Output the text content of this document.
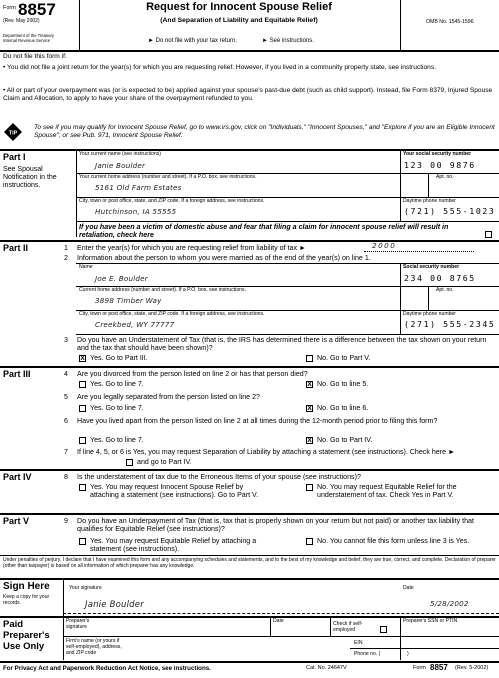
Form 8857
(Rev. May 2002)
Department of the Treasury
Internal Revenue Service
Request for Innocent Spouse Relief
(And Separation of Liability and Equitable Relief)
► Do not file with your tax return.	► See instructions.
OMB No. 1545-1596
Do not file this form if:
• You did not file a joint return for the year(s) for which you are requesting relief. However, if you lived in a community property state, see instructions.
• All or part of your overpayment was (or is expected to be) applied against your spouse's past-due debt (such as child support). Instead, file Form 8379, Injured Spouse Claim and Allocation, to apply to have your share of the overpayment refunded to you.
TIP
To see if you may qualify for Innocent Spouse Relief, go to www.irs.gov, click on "Individuals," "Innocent Spouses," and "Explore if you are an Eligible Innocent Spouse"; or see Pub. 971, Innocent Spouse Relief.
Part I
See Spousal Notification in the instructions.
Your current name (see instructions)
Janie Boulder
Your social security number
123 00 9876
Your current home address (number and street). If a P.O. box, see instructions.
5161 Old Farm Estates
Apt. no.
City, town or post office, state, and ZIP code. If a foreign address, see instructions.
Hutchinson, IA 55555
Daytime phone number
(721) 555-1023
If you have been a victim of domestic abuse and fear that filing a claim for innocent spouse relief will result in retaliation, check here
Part II	1 Enter the year(s) for which you are requesting relief from liability of tax ►	2000
2 Information about the person to whom you were married as of the end of the year(s) on line 1.
Name
Joe E. Boulder
Social security number
234 00 8765
Current home address (number and street). If a P.O. box, see instructions.
3898 Timber Way
Apt. no.
City, town or post office, state, and ZIP code. If a foreign address, see instructions.
Creekbed, WY 77777
Daytime phone number
(271) 555-2345
3 Do you have an Understatement of Tax (that is, the IRS has determined there is a difference between the tax shown on your return and the tax that should have been shown)?
X Yes. Go to Part III.	No. Go to Part V.
Part III	4 Are you divorced from the person listed on line 2 or has that person died?
Yes. Go to line 7.	X No. Go to line 5.
5 Are you legally separated from the person listed on line 2?
Yes. Go to line 7.	X No. Go to line 6.
6 Have you lived apart from the person listed on line 2 at all times during the 12-month period prior to filing this form?
Yes. Go to line 7.	X No. Go to Part IV.
7 If line 4, 5, or 6 is Yes, you may request Separation of Liability by attaching a statement (see instructions). Check here ►
and go to Part IV.
Part IV	8 Is the understatement of tax due to the Erroneous Items of your spouse (see instructions)?
Yes. You may request Innocent Spouse Relief by attaching a statement (see instructions). Go to Part V.
No. You may request Equitable Relief for the understatement of tax. Check Yes in Part V.
Part V	9 Do you have an Underpayment of Tax (that is, tax that is properly shown on your return but not paid) or another tax liability that qualifies for Equitable Relief (see instructions)?
Yes. You may request Equitable Relief by attaching a statement (see instructions).
No. You cannot file this form unless line 3 is Yes.
Under penalties of perjury, I declare that I have examined this form and any accompanying schedules and statements, and to the best of my knowledge and belief, they are true, correct, and complete. Declaration of preparer (other than taxpayer) is based on all information of which preparer has any knowledge.
Sign Here
Keep a copy for your records.
Your signature
Janie Boulder
Date
5/28/2002
Paid
Preparer's
Use Only
Preparer's signature
Date	Check if self-employed
Preparer's SSN or PTIN
Firm's name (or yours if self-employed), address, and ZIP code
EIN
Phone no. (	)
For Privacy Act and Paperwork Reduction Act Notice, see instructions.	Cat. No. 24647V	Form 8857 (Rev. 5-2002)
